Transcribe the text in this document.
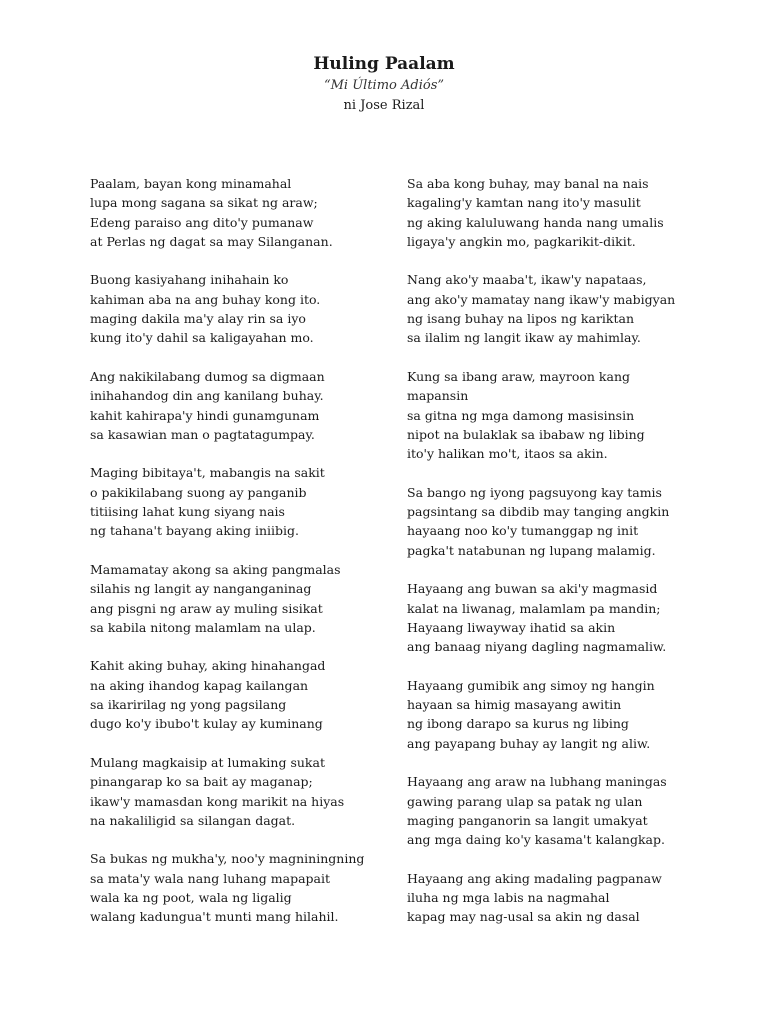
Huling Paalam
“Mi Último Adiós”
ni Jose Rizal
Paalam, bayan kong minamahal
lupa mong sagana sa sikat ng araw;
Edeng paraiso ang dito'y pumanaw
at Perlas ng dagat sa may Silanganan.
Buong kasiyahang inihahain ko
kahiman aba na ang buhay kong ito.
maging dakila ma'y alay rin sa iyo
kung ito'y dahil sa kaligayahan mo.
Ang nakikilabang dumog sa digmaan
inihahandog din ang kanilang buhay.
kahit kahirapa'y hindi gunamgunam
sa kasawian man o pagtatagumpay.
Maging bibitaya't, mabangis na sakit
o pakikilabang suong ay panganib
titiising lahat kung siyang nais
ng tahana't bayang aking iniibig.
Mamamatay akong sa aking pangmalas
silahis ng langit ay nanganganinag
ang pisgni ng araw ay muling sisikat
sa kabila nitong malamlam na ulap.
Kahit aking buhay, aking hinahangad
na aking ihandog kapag kailangan
sa ikaririlag ng yong pagsilang
dugo ko'y ibubo't kulay ay kuminang
Mulang magkaisip at lumaking sukat
pinangarap ko sa bait ay maganap;
ikaw'y mamasdan kong marikit na hiyas
na nakaliligid sa silangan dagat.
Sa bukas ng mukha'y, noo'y magniningning
sa mata'y wala nang luhang mapapait
wala ka ng poot, wala ng ligalig
walang kadungua't munti mang hilahil.
Sa aba kong buhay, may banal na nais
kagaling'y kamtan nang ito'y masulit
ng aking kaluluwang handa nang umalis
ligaya'y angkin mo, pagkarikit-dikit.
Nang ako'y maaba't, ikaw'y napataas,
ang ako'y mamatay nang ikaw'y mabigyan
ng isang buhay na lipos ng kariktan
sa ilalim ng langit ikaw ay mahimlay.
Kung sa ibang araw, mayroon kang
mapansin
sa gitna ng mga damong masisinsin
nipot na bulaklak sa ibabaw ng libing
ito'y halikan mo't, itaos sa akin.
Sa bango ng iyong pagsuyong kay tamis
pagsintang sa dibdib may tanging angkin
hayaang noo ko'y tumanggap ng init
pagka't natabunan ng lupang malamig.
Hayaang ang buwan sa aki'y magmasid
kalat na liwanag, malamlam pa mandin;
Hayaang liwayway ihatid sa akin
ang banaag niyang dagling nagmamaliw.
Hayaang gumibik ang simoy ng hangin
hayaan sa himig masayang awitin
ng ibong darapo sa kurus ng libing
ang payapang buhay ay langit ng aliw.
Hayaang ang araw na lubhang maningas
gawing parang ulap sa patak ng ulan
maging panganorin sa langit umakyat
ang mga daing ko'y kasama't kalangkap.
Hayaang ang aking madaling pagpanaw
iluha ng mga labis na nagmahal
kapag may nag-usal sa akin ng dasal
